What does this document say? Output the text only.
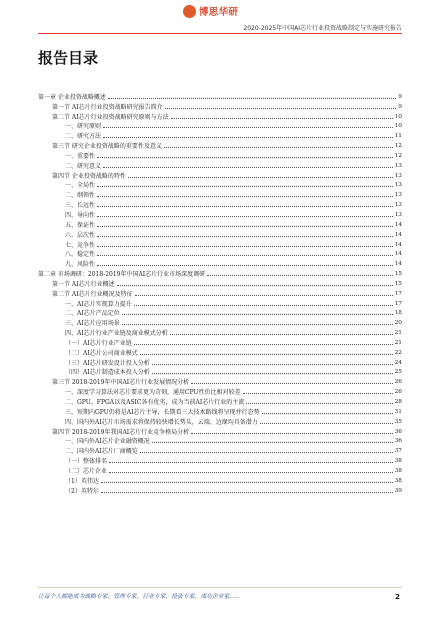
博思华研
2020-2025年中国AI芯片行业投资战略制定与实施研究报告
报告目录
第一章 企业投资战略概述	9
第一节 AI芯片行业投资战略研究报告简介	9
第二节 AI芯片行业投资战略研究原则与方法	10
一、研究原则	10
二、研究方法	11
第三节 研究企业投资战略的重要性及意义	12
一、重要性	12
二、研究意义	13
第四节 企业投资战略的特性	13
一、全局性	13
二、纲领性	13
三、长远性	13
四、导向性	13
五、保证性	14
六、层次性	14
七、竞争性	14
八、稳定性	14
九、风险性	14
第二章 市场调研：2018-2019年中国AI芯片行业市场深度调研	15
第一节 AI芯片行业概述	15
第二节 AI芯片行业概况及特征	17
一、AI芯片实现算力提升	17
二、AI芯片产品定位	18
三、AI芯片应用场景	20
四、AI芯片行业产业链及商业模式分析	21
（一）AI芯片行业产业链	21
（二）AI芯片公司商业模式	22
（三）AI芯片研发设计投入分析	24
（四）AI芯片制造成本投入分析	25
第三节 2018-2019年中国AI芯片行业发展情况分析	26
一、深度学习算法对芯片要求更为苛刻，通用CPU性价比相对较差	26
二、GPU、FPGA以及ASIC各有优劣，成为当前AI芯片行业的主流	28
三、短期内GPU仍将是AI芯片主导，长期看三大技术路线将呈现并行态势	31
四、国内外AI芯片市场需求将保持较快增长势头，云端、边缘均具备潜力	35
第四节 2018-2019年我国AI芯片行业竞争格局分析	36
一、国内外AI芯片企业融资概况	36
二、国内外AI芯片厂商概览	37
（一）整体排名	38
（二）芯片企业	38
（1）英伟达	38
（2）英特尔	39
让每个人都能成为战略专家，管理专家，行业专家，投资专家，成功企业家……	2
